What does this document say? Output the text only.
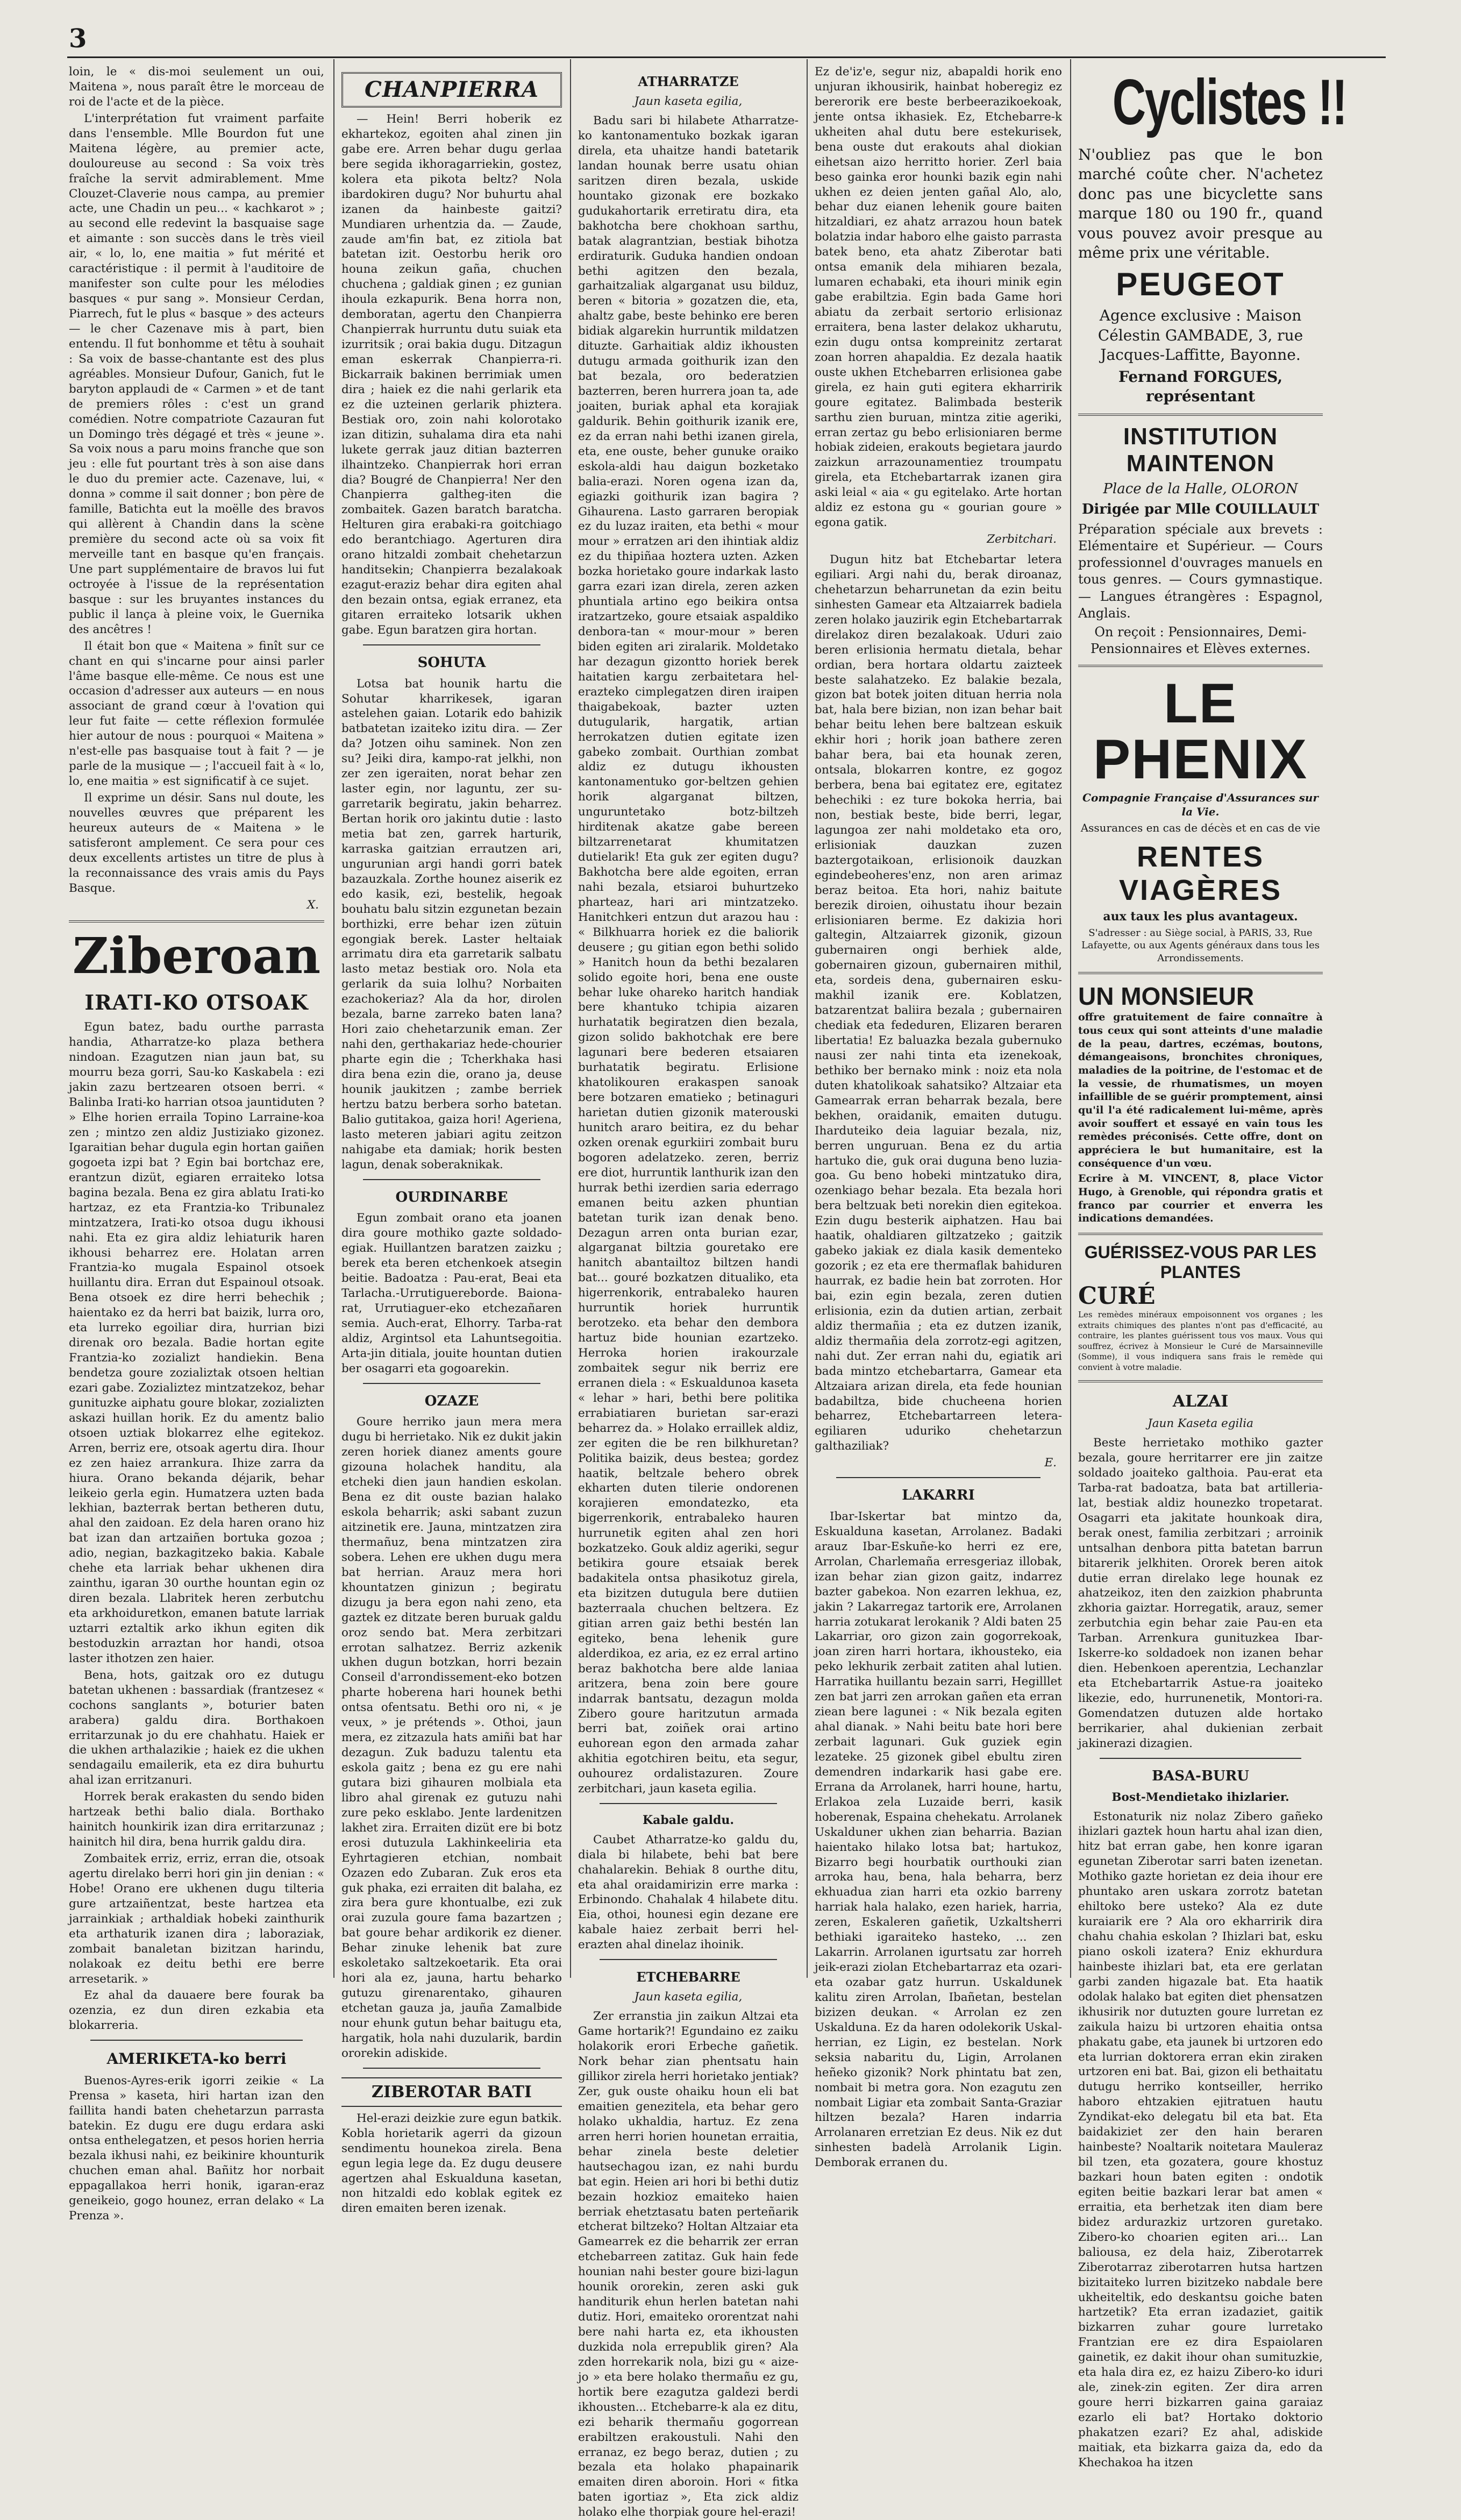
3

loin, le « dis-moi seulement un oui, Maitena », nous paraît être le morceau de roi de l'acte et de la pièce.

L'interprétation fut vraiment parfaite dans l'ensemble. Mlle Bourdon fut une Maitena légère, au premier acte, douloureuse au second : Sa voix très fraîche la servit admirablement. Mme Clouzet-Claverie nous campa, au premier acte, une Chadin un peu... « kachkarot » ; au second elle redevint la basquaise sage et aimante : son succès dans le très vieil air, « lo, lo, ene maitia » fut mérité et caractéristique : il permit à l'auditoire de manifester son culte pour les mélodies basques « pur sang ». Monsieur Cerdan, Piarrech, fut le plus « basque » des acteurs — le cher Cazenave mis à part, bien entendu. Il fut bonhomme et têtu à souhait : Sa voix de basse-chantante est des plus agréables. Monsieur Dufour, Ganich, fut le baryton applaudi de « Carmen » et de tant de premiers rôles : c'est un grand comédien. Notre compatriote Cazauran fut un Domingo très dégagé et très « jeune ». Sa voix nous a paru moins franche que son jeu : elle fut pourtant très à son aise dans le duo du premier acte. Cazenave, lui, « donna » comme il sait donner ; bon père de famille, Batichta eut la moëlle des bravos qui allèrent à Chandin dans la scène première du second acte où sa voix fit merveille tant en basque qu'en français. Une part supplémentaire de bravos lui fut octroyée à l'issue de la représentation basque : sur les bruyantes instances du public il lança à pleine voix, le Guernika des ancêtres !

Il était bon que « Maitena » finît sur ce chant en qui s'incarne pour ainsi parler l'âme basque elle-même. Ce nous est une occasion d'adresser aux auteurs — en nous associant de grand cœur à l'ovation qui leur fut faite — cette réflexion formulée hier autour de nous : pourquoi « Maitena » n'est-elle pas basquaise tout à fait ? — je parle de la musique — ; l'accueil fait à « lo, lo, ene maitia » est significatif à ce sujet.

Il exprime un désir. Sans nul doute, les nouvelles œuvres que préparent les heureux auteurs de « Maitena » le satisferont amplement. Ce sera pour ces deux excellents artistes un titre de plus à la reconnaissance des vrais amis du Pays Basque.

X.
Ziberoan
IRATI-KO OTSOAK

Egun batez, badu ourthe parrasta handia, Atharratze-ko plaza bethera nindoan. Ezagutzen nian jaun bat, su mourru beza gorri, Sau-ko Kaskabela : ezi jakin zazu bertzearen otsoen berri. « Balinba Irati-ko harrian otsoa jauntiduten ? » Elhe horien erraila Topino Larraine-koa zen ; mintzo zen aldiz Justiziako gizonez. Igaraitian behar dugula egin hortan gaiñen gogoeta izpi bat ? Egin bai bortchaz ere, erantzun dizüt, egiaren erraiteko lotsa bagina bezala. Bena ez gira ablatu Irati-ko hartzaz, ez eta Frantzia-ko Tribunalez mintzatzera, Irati-ko otsoa dugu ikhousi nahi. Eta ez gira aldiz lehiaturik haren ikhousi beharrez ere. Holatan arren Frantzia-ko mugala Espainol otsoek huillantu dira. Erran dut Espainoul otsoak. Bena otsoek ez dire herri behechik ; haientako ez da herri bat baizik, lurra oro, eta lurreko egoiliar dira, hurrian bizi direnak oro bezala. Badie hortan egite Frantzia-ko zozializt handiekin. Bena bendetza goure zozializtak otsoen heltian ezari gabe. Zozializtez mintzatzekoz, behar gunituzke aiphatu goure blokar, zozializten askazi huillan horik. Ez du amentz balio otsoen uztiak blokarrez elhe egitekoz. Arren, berriz ere, otsoak agertu dira. Ihour ez zen haiez arrankura. Ihize zarra da hiura. Orano bekanda déjarik, behar leikeio gerla egin. Humatzera uzten bada lekhian, bazterrak bertan betheren dutu, ahal den zaidoan. Ez dela haren orano hiz bat izan dan artzaiñen bortuka gozoa ; adio, negian, bazkagitzeko bakia. Kabale chehe eta larriak behar ukhenen dira zainthu, igaran 30 ourthe hountan egin oz diren bezala. Llabritek heren zerbutchu eta arkhoiduretkon, emanen batute larriak uztarri eztaltik arko ikhun egiten dik bestoduzkin arraztan hor handi, otsoa laster ithotzen zen haier.

Bena, hots, gaitzak oro ez dutugu batetan ukhenen : bassardiak (frantzesez « cochons sanglants », boturier baten arabera) galdu dira. Borthakoen erritarzunak jo du ere chahhatu. Haiek er die ukhen arthalazikie ; haiek ez die ukhen sendagailu emailerik, eta ez dira buhurtu ahal izan erritzanuri.

Horrek berak erakasten du sendo biden hartzeak bethi balio diala. Borthako hainitch hounkirik izan dira erritarzunaz ; hainitch hil dira, bena hurrik galdu dira.

Zombaitek erriz, erriz, erran die, otsoak agertu direlako berri hori gin jin denian : « Hobe! Orano ere ukhenen dugu tilteria gure artzaiñentzat, beste hartzea eta jarrainkiak ; arthaldiak hobeki zainthurik eta arthaturik izanen dira ; laboraziak, zombait banaletan bizitzan harindu, nolakoak ez deitu bethi ere berre arresetarik. »

Ez ahal da dauaere bere fourak ba ozenzia, ez dun diren ezkabia eta blokarreria.

AMERIKETA-ko berri

Buenos-Ayres-erik igorri zeikie « La Prensa » kaseta, hiri hartan izan den faillita handi baten chehetarzun parrasta batekin. Ez dugu ere dugu erdara aski ontsa enthelegatzen, et pesos horien herria bezala ikhusi nahi, ez beikinire khounturik chuchen eman ahal. Bañitz hor norbait eppagallakoa herri honik, igaran-eraz geneikeio, gogo hounez, erran delako « La Prenza ».

CHANPIERRA

— Hein! Berri hoberik ez ekhartekoz, egoiten ahal zinen jin gabe ere. Arren behar dugu gerlaa bere segida ikhoragarriekin, gostez, kolera eta pikota beltz? Nola ibardokiren dugu? Nor buhurtu ahal izanen da hainbeste gaitzi? Mundiaren urhentzia da. — Zaude, zaude am'fin bat, ez zitiola bat batetan izit. Oestorbu herik oro houna zeikun gaña, chuchen chuchena ; galdiak ginen ; ez gunian ihoula ezkapurik. Bena horra non, demboratan, agertu den Chanpierra Chanpierrak hurruntu dutu suiak eta izurritsik ; orai bakia dugu. Ditzagun eman eskerrak Chanpierra-ri. Bickarraik bakinen berrimiak umen dira ; haiek ez die nahi gerlarik eta ez die uzteinen gerlarik phiztera. Bestiak oro, zoin nahi kolorotako izan ditizin, suhalama dira eta nahi lukete gerrak jauz ditian bazterren ilhaintzeko. Chanpierrak hori erran dia? Bougré de Chanpierra! Ner den Chanpierra galtheg-iten die zombaitek. Gazen baratch baratcha. Helturen gira erabaki-ra goitchiago edo berantchiago. Agerturen dira orano hitzaldi zombait chehetarzun handitsekin; Chanpierra bezalakoak ezagut-eraziz behar dira egiten ahal den bezain ontsa, egiak erranez, eta gitaren erraiteko lotsarik ukhen gabe. Egun baratzen gira hortan.

SOHUTA

Lotsa bat hounik hartu die Sohutar kharrikesek, igaran astelehen gaian. Lotarik edo bahizik batbatetan izaiteko izitu dira. — Zer da? Jotzen oihu saminek. Non zen su? Jeiki dira, kampo-rat jelkhi, non zer zen igeraiten, norat behar zen laster egin, nor laguntu, zer su-garretarik begiratu, jakin beharrez. Bertan horik oro jakintu dutie : lasto metia bat zen, garrek harturik, karraska gaitzian errautzen ari, ungurunian argi handi gorri batek bazauzkala. Zorthe hounez aiserik ez edo kasik, ezi, bestelik, hegoak bouhatu balu sitzin ezgunetan bezain borthizki, erre behar izen zütuin egongiak berek. Laster heltaiak arrimatu dira eta garretarik salbatu lasto metaz bestiak oro. Nola eta gerlarik da suia lolhu? Norbaiten ezachokeriaz? Ala da hor, dirolen bezala, barne zarreko baten lana? Hori zaio chehetarzunik eman. Zer nahi den, gerthakariaz hede-chourier pharte egin die ; Tcherkhaka hasi dira bena ezin die, orano ja, deuse hounik jaukitzen ; zambe berriek hertzu batzu berbera sorho batetan. Balio gutitakoa, gaiza hori! Ageriena, lasto meteren jabiari agitu zeitzon nahigabe eta damiak; horik besten lagun, denak soberaknikak.

OURDINARBE

Egun zombait orano eta joanen dira goure mothiko gazte soldado-egiak. Huillantzen baratzen zaizku ; berek eta beren etchenkoek atsegin beitie. Badoatza : Pau-erat, Beai eta Tarlacha.-Urrutiguereborde. Baiona-rat, Urrutiaguer-eko etchezañaren semia. Auch-erat, Elhorry. Tarba-rat aldiz, Argintsol eta Lahuntsegoitia. Arta-jin ditiala, jouite hountan dutien ber osagarri eta gogoarekin.

OZAZE

Goure herriko jaun mera mera dugu bi herrietako. Nik ez dukit jakin zeren horiek dianez aments goure gizouna holachek handitu, ala etcheki dien jaun handien eskolan. Bena ez dit ouste bazian halako eskola beharrik; aski sabant zuzun aitzinetik ere. Jauna, mintzatzen zira thermañuz, bena mintzatzen zira sobera. Lehen ere ukhen dugu mera bat herrian. Arauz mera hori khountatzen ginizun ; begiratu dizugu ja bera egon nahi zeno, eta gaztek ez ditzate beren buruak galdu oroz sendo bat. Mera zerbitzari errotan salhatzez. Berriz azkenik ukhen dugun botzkan, horri bezain Conseil d'arrondissement-eko botzen pharte hoberena hari hounek bethi ontsa ofentsatu. Bethi oro ni, « je veux, » je prétends ». Othoi, jaun mera, ez zitzazula hats amiñi bat har dezagun. Zuk baduzu talentu eta eskola gaitz ; bena ez gu ere nahi gutara bizi gihauren molbiala eta libro ahal girenak ez gutuzu nahi zure peko esklabo. Jente lardenitzen lakhet zira. Erraiten dizüt ere bi botz erosi dutuzula Lakhinkeeliria eta Eyhrtagieren etchian, nombait Ozazen edo Zubaran. Zuk eros eta guk phaka, ezi erraiten dit balaha, ez zira bera gure khontualbe, ezi zuk orai zuzula goure fama bazartzen ; bat goure behar ardikorik ez diener. Behar zinuke lehenik bat zure eskoletako saltzekoetarik. Eta orai hori ala ez, jauna, hartu beharko gutuzu girenarentako, gihauren etchetan gauza ja, jauña Zamalbide nour ehunk gutun behar baitugu eta, hargatik, hola nahi duzularik, bardin ororekin adiskide.

ZIBEROTAR BATI

Hel-erazi deizkie zure egun batkik. Kobla horietarik agerri da gizoun sendimentu hounekoa zirela. Bena egun legia lege da. Ez dugu deusere agertzen ahal Eskualduna kasetan, non hitzaldi edo koblak egitek ez diren emaiten beren izenak.

ATHARRATZE
Jaun kaseta egilia,

Badu sari bi hilabete Atharratze-ko kantonamentuko bozkak igaran direla, eta uhaitze handi batetarik landan hounak berre usatu ohian saritzen diren bezala, uskide hountako gizonak ere bozkako gudukahortarik erretiratu dira, eta bakhotcha bere chokhoan sarthu, batak alagrantzian, bestiak bihotza erdiraturik. Guduka handien ondoan bethi agitzen den bezala, garhaitzaliak algarganat usu bilduz, beren « bitoria » gozatzen die, eta, ahaltz gabe, beste behinko ere beren bidiak algarekin hurruntik mildatzen dituzte. Garhaitiak aldiz ikhousten dutugu armada goithurik izan den bat bezala, oro bederatzien bazterren, beren hurrera joan ta, ade joaiten, buriak aphal eta korajiak galdurik. Behin goithurik izanik ere, ez da erran nahi bethi izanen girela, eta, ene ouste, beher gunuke oraiko eskola-aldi hau daigun bozketako balia-erazi. Noren ogena izan da, egiazki goithurik izan bagira ? Gihaurena. Lasto garraren beropiak ez du luzaz iraiten, eta bethi « mour mour » erratzen ari den ihintiak aldiz ez du thipiñaa hoztera uzten. Azken bozka horietako goure indarkak lasto garra ezari izan direla, zeren azken phuntiala artino ego beikira ontsa iratzartzeko, goure etsaiak aspaldiko denbora-tan « mour-mour » beren biden egiten ari ziralarik. Moldetako har dezagun gizontto horiek berek haitatien kargu zerbaitetara hel-erazteko cimplegatzen diren iraipen thaigabekoak, bazter uzten dutugularik, hargatik, artian herrokatzen dutien egitate izen gabeko zombait. Ourthian zombat aldiz ez dutugu ikhousten kantonamentuko gor-beltzen gehien horik algarganat biltzen, unguruntetako botz-biltzeh hirditenak akatze gabe bereen biltzarrenetarat khumitatzen dutielarik! Eta guk zer egiten dugu? Bakhotcha bere alde egoiten, erran nahi bezala, etsiaroi buhurtzeko pharteaz, hari ari mintzatzeko. Hanitchkeri entzun dut arazou hau : « Bilkhuarra horiek ez die baliorik deusere ; gu gitian egon bethi solido » Hanitch houn da bethi bezalaren solido egoite hori, bena ene ouste behar luke ohareko haritch handiak bere khantuko tchipia aizaren hurhatatik begiratzen dien bezala, gizon solido bakhotchak ere bere lagunari bere bederen etsaiaren burhatatik begiratu. Erlisione khatolikouren erakaspen sanoak bere botzaren ematieko ; betinaguri harietan dutien gizonik materouski hunitch araro beitira, ez du behar ozken orenak egurkiiri zombait buru bogoren adelatzeko. zeren, berriz ere diot, hurruntik lanthurik izan den hurrak bethi izerdien saria ederrago emanen beitu azken phuntian batetan turik izan denak beno. Dezagun arren onta burian ezar, algarganat biltzia gouretako ere hanitch abantailtoz biltzen handi bat... gouré bozkatzen ditualiko, eta higerrenkorik, entrabaleko hauren hurruntik horiek hurruntik berotzeko. eta behar den dembora hartuz bide hounian ezartzeko. Herroka horien irakourzale zombaitek segur nik berriz ere erranen diela : « Eskualdunoa kaseta « lehar » hari, bethi bere politika errabiatiaren burietan sar-erazi beharrez da. » Holako erraillek aldiz, zer egiten die be ren bilkhuretan? Politika baizik, deus bestea; gordez haatik, beltzale behero obrek ekharten duten tilerie ondorenen korajieren emondatezko, eta bigerrenkorik, entrabaleko hauren hurrunetik egiten ahal zen hori bozkatzeko. Gouk aldiz ageriki, segur betikira goure etsaiak berek badakitela ontsa phasikotuz girela, eta bizitzen dutugula bere dutiien bazterraala chuchen beltzera. Ez gitian arren gaiz bethi bestén lan egiteko, bena lehenik gure alderdikoa, ez aria, ez ez erral artino beraz bakhotcha bere alde laniaa aritzera, bena zoin bere goure indarrak bantsatu, dezagun molda Zibero goure haritzutun armada berri bat, zoiñek orai artino euhorean egon den armada zahar akhitia egotchiren beitu, eta segur, ouhourez ordalistazuren. Zoure zerbitchari, jaun kaseta egilia.

Kabale galdu.

Caubet Atharratze-ko galdu du, diala bi hilabete, behi bat bere chahalarekin. Behiak 8 ourthe ditu, eta ahal oraidamirizin erre marka : Erbinondo. Chahalak 4 hilabete ditu. Eia, othoi, hounesi egin dezane ere kabale haiez zerbait berri hel-erazten ahal dinelaz ihoinik.

ETCHEBARRE
Jaun kaseta egilia,

Zer erranstia jin zaikun Altzai eta Game hortarik?! Egundaino ez zaiku holakorik erori Erbeche gañetik. Nork behar zian phentsatu hain gillikor zirela herri horietako jentiak? Zer, guk ouste ohaiku houn eli bat emaitien genezitela, eta behar gero holako ukhaldia, hartuz. Ez zena arren herri horien hounetan erraitia, behar zinela beste deletier hautsechagou izan, ez nahi burdu bat egin. Heien ari hori bi bethi dutiz bezain hozkioz emaiteko haien berriak ehetztasatu baten perteñarik etcherat biltzeko? Holtan Altzaiar eta Gamearrek ez die beharrik zer erran etchebarreen zatitaz. Guk hain fede hounian nahi bester goure bizi-lagun hounik ororekin, zeren aski guk handiturik ehun herlen batetan nahi dutiz. Hori, emaiteko ororentzat nahi bere nahi harta ez, eta ikhousten duzkida nola errepublik giren? Ala zden horrekarik nola, bizi gu « aize-jo » eta bere holako thermañu ez gu, hortik bere ezagutza galdezi berdi ikhousten... Etchebarre-k ala ez ditu, ezi beharik thermañu gogorrean erabiltzen erakoustuli. Nahi den erranaz, ez bego beraz, dutien ; zu bezala eta holako phapainarik emaiten diren aboroin. Hori « fitka baten igortiaz », Eta zick aldiz holako elhe thorpiak goure hel-erazi!

Ez de'iz'e, segur niz, abapaldi horik eno unjuran ikhousirik, hainbat hoberegiz ez bererorik ere beste berbeerazikoekoak, jente ontsa ikhasiek. Ez, Etchebarre-k ukheiten ahal dutu bere estekurisek, bena ouste dut erakouts ahal diokian eihetsan aizo herritto horier. Zerl baia beso gainka eror hounki bazik egin nahi ukhen ez deien jenten gañal Alo, alo, behar duz eianen lehenik goure baiten hitzaldiari, ez ahatz arrazou houn batek bolatzia indar haboro elhe gaisto parrasta batek beno, eta ahatz Ziberotar bati ontsa emanik dela mihiaren bezala, lumaren echabaki, eta ihouri minik egin gabe erabiltzia. Egin bada Game hori abiatu da zerbait sertorio erlisionaz erraitera, bena laster delakoz ukharutu, ezin dugu ontsa kompreinitz zertarat zoan horren ahapaldia. Ez dezala haatik ouste ukhen Etchebarren erlisionea gabe girela, ez hain guti egitera ekharririk goure egitatez. Balimbada besterik sarthu zien buruan, mintza zitie ageriki, erran zertaz gu bebo erlisioniaren berme hobiak zideien, erakouts begietara jaurdo zaizkun arrazounamentiez troumpatu girela, eta Etchebartarrak izanen gira aski leial « aia « gu egitelako. Arte hortan aldiz ez estona gu « gourian goure » egona gatik.

Zerbitchari.

Dugun hitz bat Etchebartar letera egiliari. Argi nahi du, berak diroanaz, chehetarzun beharrunetan da ezin beitu sinhesten Gamear eta Altzaiarrek badiela zeren holako jauzirik egin Etchebartarrak direlakoz diren bezalakoak. Uduri zaio beren erlisionia hermatu dietala, behar ordian, bera hortara oldartu zaizteek beste salahatzeko. Ez balakie bezala, gizon bat botek joiten dituan herria nola bat, hala bere bizian, non izan behar bait behar beitu lehen bere baltzean eskuik ekhir hori ; horik joan bathere zeren bahar bera, bai eta hounak zeren, ontsala, blokarren kontre, ez gogoz berbera, bena bai egitatez ere, egitatez behechiki : ez ture bokoka herria, bai non, bestiak beste, bide berri, legar, lagungoa zer nahi moldetako eta oro, erlisioniak dauzkan zuzen baztergotaikoan, erlisionoik dauzkan egindebeoheres'enz, non aren arimaz beraz beitoa. Eta hori, nahiz baitute berezik diroien, oihustatu ihour bezain erlisioniaren berme. Ez dakizia hori galtegin, Altzaiarrek gizonik, gizoun gubernairen ongi berhiek alde, gobernairen gizoun, gubernairen mithil, eta, sordeis dena, gubernairen esku-makhil izanik ere. Koblatzen, batzarentzat baliira bezala ; gubernairen chediak eta fededuren, Elizaren beraren libertatia! Ez baluazka bezala gubernuko nausi zer nahi tinta eta izenekoak, bethiko ber bernako mink : noiz eta nola duten khatolikoak sahatsiko? Altzaiar eta Gamearrak erran beharrak bezala, bere bekhen, oraidanik, emaiten dutugu. Iharduteiko deia laguiar bezala, niz, berren unguruan. Bena ez du artia hartuko die, guk orai duguna beno luzia-goa. Gu beno hobeki mintzatuko dira, ozenkiago behar bezala. Eta bezala hori bera beltzuak beti norekin dien egitekoa. Ezin dugu besterik aiphatzen. Hau bai haatik, ohaldiaren giltzatzeko ; gaitzik gabeko jakiak ez diala kasik dementeko gozorik ; ez eta ere thermaflak bahiduren haurrak, ez badie hein bat zorroten. Hor bai, ezin egin bezala, zeren dutien erlisionia, ezin da dutien artian, zerbait aldiz thermañia ; eta ez dutzen izanik, aldiz thermañia dela zorrotz-egi agitzen, nahi dut. Zer erran nahi du, egiatik ari bada mintzo etchebartarra, Gamear eta Altzaiara arizan direla, eta fede hounian badabiltza, bide chucheena horien beharrez, Etchebartarreen letera-egiliaren uduriko chehetarzun galthaziliak?

E.
LAKARRI

Ibar-Iskertar bat mintzo da, Eskualduna kasetan, Arrolanez. Badaki arauz Ibar-Eskuñe-ko herri ez ere, Arrolan, Charlemaña erresgeriaz illobak, izan behar zian gizon gaitz, indarrez bazter gabekoa. Non ezarren lekhua, ez, jakin ? Lakarregaz tartorik ere, Arrolanen harria zotukarat lerokanik ? Aldi baten 25 Lakarriar, oro gizon zain gogorrekoak, joan ziren harri hortara, ikhousteko, eia peko lekhurik zerbait zatiten ahal lutien. Harratika huillantu bezain sarri, Hegilllet zen bat jarri zen arrokan gañen eta erran ziean bere lagunei : « Nik bezala egiten ahal dianak. » Nahi beitu bate hori bere zerbait lagunari. Guk guziek egin lezateke. 25 gizonek gibel ebultu ziren demendren indarkarik hasi gabe ere. Errana da Arrolanek, harri houne, hartu, Erlakoa zela Luzaide berri, kasik hoberenak, Espaina chehekatu. Arrolanek Uskalduner ukhen zian beharria. Bazian haientako hilako lotsa bat; hartukoz, Bizarro begi hourbatik ourthouki zian arroka hau, bena, hala beharra, berz ekhuadua zian harri eta ozkio barreny harriak hala halako, ezen hariek, harria, zeren, Eskaleren gañetik, Uzkaltsherri bethiaki igaraiteko hasteko, ... zen Lakarrin. Arrolanen igurtsatu zar horreh jeik-erazi ziolan Etchebartarraz eta ozari-eta ozabar gatz hurrun. Uskaldunek kalitu ziren Arrolan, Ibañetan, bestelan bizizen deukan. « Arrolan ez zen Uskalduna. Ez da haren odolekorik Uskal-herrian, ez Ligin, ez bestelan. Nork seksia nabaritu du, Ligin, Arrolanen heñeko gizonik? Nork phintatu bat zen, nombait bi metra gora. Non ezagutu zen nombait Ligiar eta zombait Santa-Graziar hiltzen bezala? Haren indarria Arrolanaren erretzian Ez deus. Nik ez dut sinhesten badelà Arrolanik Ligin. Demborak erranen du.

Cyclistes !!

N'oubliez pas que le bon marché coûte cher. N'achetez donc pas une bicyclette sans marque 180 ou 190 fr., quand vous pouvez avoir presque au même prix une véritable.

PEUGEOT

Agence exclusive : Maison Célestin GAMBADE, 3, rue Jacques-Laffitte, Bayonne.

Fernand FORGUES, représentant

INSTITUTION MAINTENON

Place de la Halle, OLORON

Dirigée par Mlle COUILLAULT

Préparation spéciale aux brevets : Elémentaire et Supérieur. — Cours professionnel d'ouvrages manuels en tous genres. — Cours gymnastique. — Langues étrangères : Espagnol, Anglais.

On reçoit : Pensionnaires, Demi-Pensionnaires et Elèves externes.

LE PHENIX

Compagnie Française d'Assurances sur la Vie.

Assurances en cas de décès et en cas de vie

RENTES VIAGÈRES

aux taux les plus avantageux.

S'adresser : au Siège social, à PARIS, 33, Rue Lafayette, ou aux Agents généraux dans tous les Arrondissements.

UN MONSIEUR

offre gratuitement de faire connaître à tous ceux qui sont atteints d'une maladie de la peau, dartres, eczémas, boutons, démangeaisons, bronchites chroniques, maladies de la poitrine, de l'estomac et de la vessie, de rhumatismes, un moyen infaillible de se guérir promptement, ainsi qu'il l'a été radicalement lui-même, après avoir souffert et essayé en vain tous les remèdes préconisés. Cette offre, dont on appréciera le but humanitaire, est la conséquence d'un vœu.

Ecrire à M. VINCENT, 8, place Victor Hugo, à Grenoble, qui répondra gratis et franco par courrier et enverra les indications demandées.

GUÉRISSEZ-VOUS PAR LES PLANTES
CURÉ

Les remèdes minéraux empoisonnent vos organes ; les extraits chimiques des plantes n'ont pas d'efficacité, au contraire, les plantes guérissent tous vos maux. Vous qui souffrez, écrivez à Monsieur le Curé de Marsainneville (Somme), il vous indiquera sans frais le remède qui convient à votre maladie.

ALZAI
Jaun Kaseta egilia

Beste herrietako mothiko gazter bezala, goure herritarrer ere jin zaitze soldado joaiteko galthoia. Pau-erat eta Tarba-rat badoatza, bata bat artilleria-lat, bestiak aldiz hounezko tropetarat. Osagarri eta jakitate hounkoak dira, berak onest, familia zerbitzari ; arroinik untsalhan denbora pitta batetan barrun bitarerik jelkhiten. Ororek beren aitok dutie erran direlako lege hounak ez ahatzeikoz, iten den zaizkion phabrunta zkhoria gaiztar. Horregatik, arauz, semer zerbutchia egin behar zaie Pau-en eta Tarban. Arrenkura gunituzkea Ibar-Iskerre-ko soldadoek non izanen behar dien. Hebenkoen aperentzia, Lechanzlar eta Etchebartarrik Astue-ra joaiteko likezie, edo, hurrunenetik, Montori-ra. Gomendatzen dutuzen alde hortako berrikarier, ahal dukienian zerbait jakinerazi dizagien.

BASA-BURU
Bost-Mendietako ihizlarier.

Estonaturik niz nolaz Zibero gañeko ihizlari gaztek houn hartu ahal izan dien, hitz bat erran gabe, hen konre igaran egunetan Ziberotar sarri baten izenetan. Mothiko gazte horietan ez deia ihour ere phuntako aren uskara zorrotz batetan ehiltoko bere usteko? Ala ez dute kuraiarik ere ? Ala oro ekharririk dira chahu chahia eskolan ? Ihizlari bat, esku piano oskoli izatera? Eniz ekhurdura hainbeste ihizlari bat, eta ere gerlatan garbi zanden higazale bat. Eta haatik odolak halako bat egiten diet phensatzen ikhusirik nor dutuzten goure lurretan ez zaikula haizu bi urtzoren ehaitia ontsa phakatu gabe, eta jaunek bi urtzoren edo eta lurrian doktorera erran ekin ziraken urtzoren eni bat. Bai, gizon eli bethaitatu dutugu herriko kontseiller, herriko haboro ehtzakien ejitratuen hautu Zyndikat-eko delegatu bil eta bat. Eta baidakiziet zer den hain beraren hainbeste? Noaltarik noitetara Mauleraz bil tzen, eta gozatera, goure khostuz bazkari houn baten egiten : ondotik egiten beitie bazkari lerar bat amen « erraitia, eta berhetzak iten diam bere bidez ardurazkiz urtzoren guretako. Zibero-ko choarien egiten ari... Lan baliousa, ez dela haiz, Ziberotarrek Ziberotarraz ziberotarren hutsa hartzen bizitaiteko lurren bizitzeko nabdale bere ukheiteltik, edo deskantsu goiche baten hartzetik? Eta erran izadaziet, gaitik bizkarren zuhar goure lurretako Frantzian ere ez dira Espaiolaren gainetik, ez dakit ihour ohan sumituzkie, eta hala dira ez, ez haizu Zibero-ko iduri ale, zinek-zin egiten. Zer dira arren goure herri bizkarren gaina garaiaz ezarlo eli bat? Hortako doktorio phakatzen ezari? Ez ahal, adiskide maitiak, eta bizkarra gaiza da, edo da Khechakoa ha itzen
